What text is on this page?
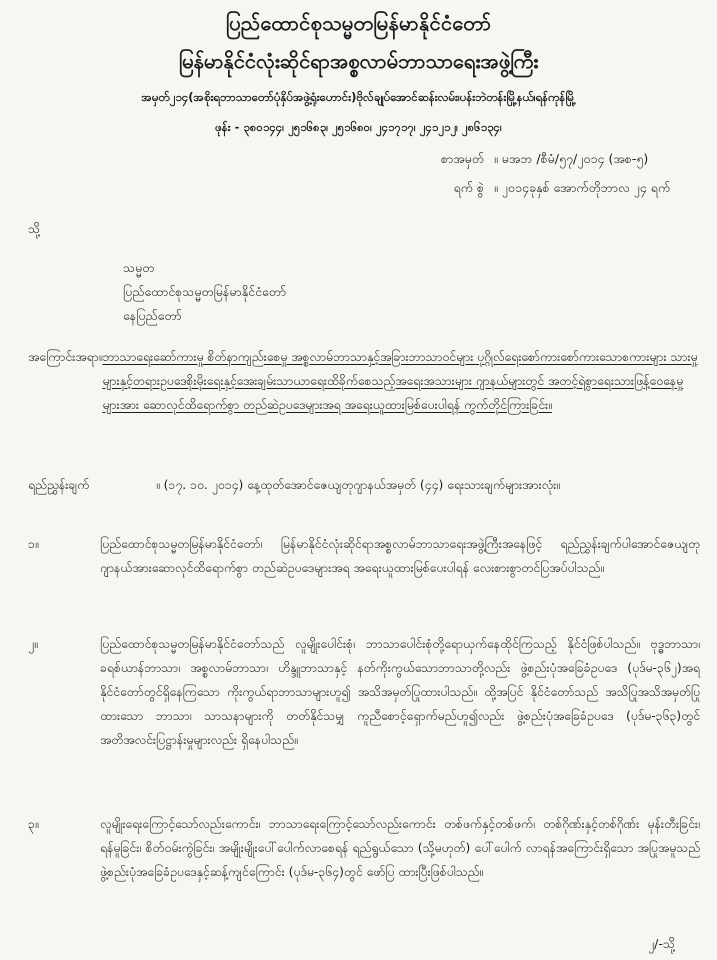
ပြည်ထောင်စုသမ္မတမြန်မာနိုင်ငံတော်
မြန်မာနိုင်ငံလုံးဆိုင်ရာအစ္စလာမ်ဘာသာရေးအဖွဲ့ကြီး
အမှတ်၂၁၄(အစိုးရဘာသာတော်ပုံနှိပ်အဖွဲ့ရုံးဟောင်း)ဗိုလ်ချုပ်အောင်ဆန်းလမ်း၊ပန်းဘဲတန်းမြို့နယ်၊ရန်ကုန်မြို့
ဖုန်း - ၃၈၀၁၄၄၊ ၂၅၁၆၈၃၊ ၂၅၁၆၈၀၊ ၂၄၁၇၁၇၊ ၂၄၁၂၁၂၊ ၂၈၆၁၃၄၊
စာအမှတ် ။ မအဘ /စီမံ/၅၇/၂၀၁၄ (အစ-၅)
ရက် စွဲ ။ ၂၀၁၄ခုနှစ် အောက်တိုဘာလ ၂၄ ရက်
သို့
သမ္မတ
ပြည်ထောင်စုသမ္မတမြန်မာနိုင်ငံတော်
နေပြည်တော်
အကြောင်းအရာ။ ဘာသာရေးဆော်ကားမှု စိတ်နာကျည်းစေမှု အစ္စလာမ်ဘာသာနှင့်အခြားဘာသာဝင်များ ပုဂ္ဂိုလ်ရေးစော်ကားစော်ကားသောစကားများ သားမှုများနှင့်တရားဥပဒေစိုးမိုးရေးနှင့်အေးချမ်းသာယာရေးထိခိုက်စေသည့်အရေးအသားများ ဂျာနယ်များတွင် အတင့်ရဲစွာရေးသားဖြန့်ဝေနေမှုများအား ဆောလုင်ထိရောက်စွာ တည်ဆဲဥပဒေများအရ အရေးယူထားမြစ်ပေးပါရန် ကွက်တိုင်ကြားခြင်း။
ရည်ညွှန်းချက်	။ (၁၇. ၁၀. ၂၀၁၄) နေ့ထုတ်အောင်ဇေယျတုဂျာနယ်အမှတ် (၄၄) ရေးသားချက်များအားလုံး။
၁။	ပြည်ထောင်စုသမ္မတမြန်မာနိုင်ငံတော်၊ မြန်မာနိုင်ငံလုံးဆိုင်ရာအစ္စလာမ်ဘာသာရေးအဖွဲ့ကြီးအနေဖြင့် ရည်ညွှန်းချက်ပါအောင်ဇေယျတုဂျာနယ်အားဆောလုင်ထိရောက်စွာ တည်ဆဲဥပဒေများအရ အရေးယူထားမြစ်ပေးပါရန် လေးစားစွာတင်ပြအပ်ပါသည်။
၂။	ပြည်ထောင်စုသမ္မတမြန်မာနိုင်ငံတော်သည် လူမျိုးပေါင်းစုံ၊ ဘာသာပေါင်းစုံတို့ရောယှက်နေထိုင်ကြသည့် နိုင်ငံဖြစ်ပါသည်။ ဗုဒ္ဓဘာသာ၊ ခရစ်ယာန်ဘာသာ၊ အစ္စလာမ်ဘာသာ၊ ဟိန္ဒူဘာသာနှင့် နတ်ကိုးကွယ်သောဘာသာတို့လည်း ဖွဲ့စည်းပုံအခြေခံဥပဒေ (ပုဒ်မ-၃၆၂)အရ နိုင်ငံတော်တွင်ရှိနေကြသော ကိုးကွယ်ရာဘာသာများဟူ၍ အသိအမှတ်ပြုထားပါသည်။ ထို့အပြင် နိုင်ငံတော်သည် အသိပြုအသိအမှတ်ပြုထားသော ဘာသာ၊ သာသနာများကို တတ်နိုင်သမျှ ကူညီစောင့်ရှောက်မည်ဟူ၍လည်း ဖွဲ့စည်းပုံအခြေခံဥပဒေ (ပုဒ်မ-၃၆၃)တွင် အတိအလင်းပြဋ္ဌာန်းမှုများလည်း ရှိနေပါသည်။
၃။	လူမျိုးရေးကြောင့်သော်လည်းကောင်း၊ ဘာသာရေးကြောင့်သော်လည်းကောင်း တစ်ဖက်နှင့်တစ်ဖက်၊ တစ်ဂိုဏ်းနှင့်တစ်ဂိုဏ်း မုန်းတီးခြင်း၊ ရန်မူခြင်း၊ စိတ်ဝမ်းကွဲခြင်း၊ အမျိုးမျိုးပေါ်ပေါက်လာစေရန် ရည်ရွယ်သော (သို့မဟုတ်) ပေါ်ပေါက် လာရန်အကြောင်းရှိသော အပြုအမူသည် ဖွဲ့စည်းပုံအခြေခံဥပဒေနှင့်ဆန့်ကျင်ကြောင်း (ပုဒ်မ-၃၆၄)တွင် ဖော်ပြ ထားပြီးဖြစ်ပါသည်။
၂/-သို့
